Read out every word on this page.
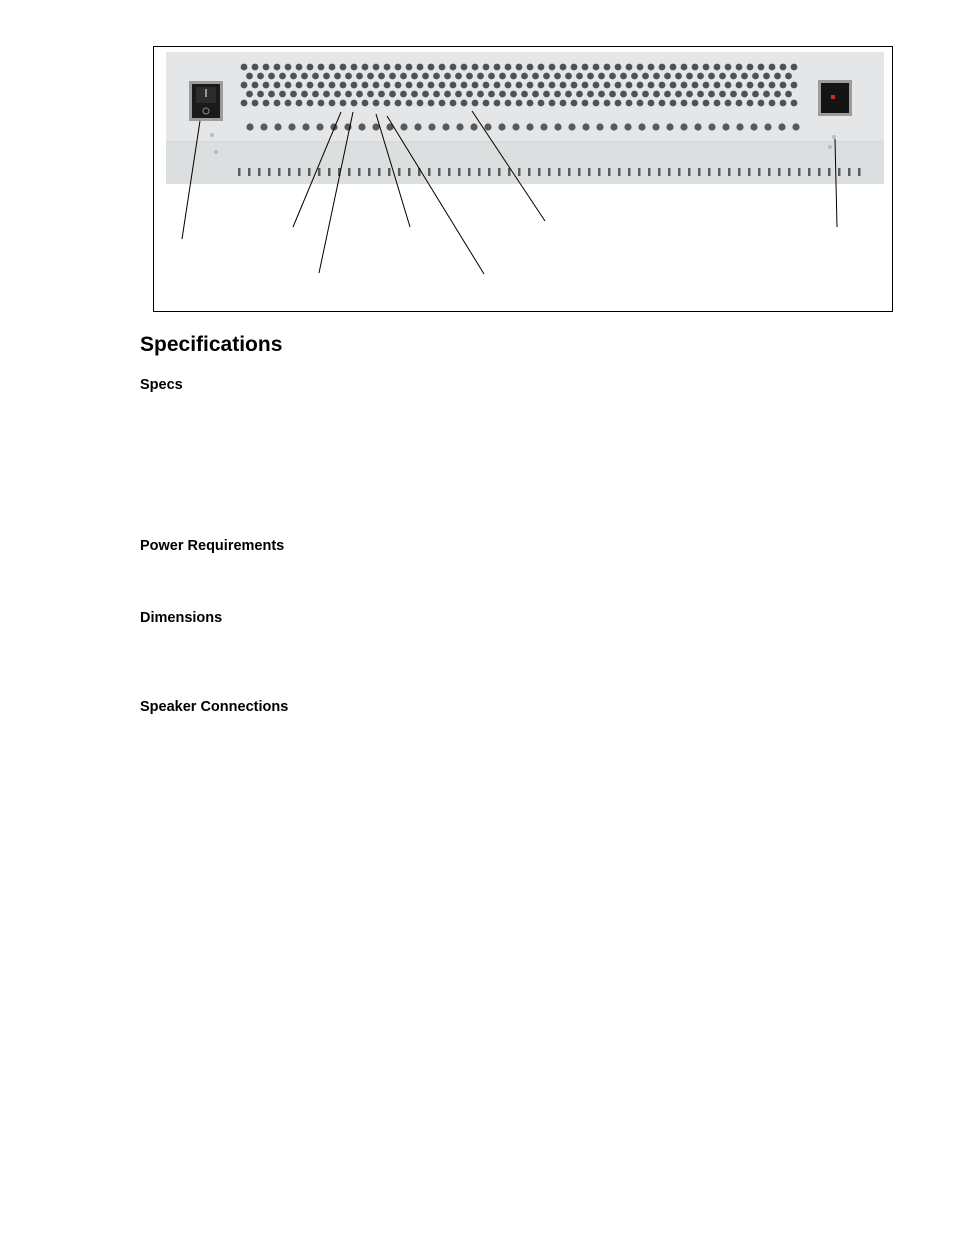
Specifications
Specs
Power Requirements
Dimensions
Speaker Connections
